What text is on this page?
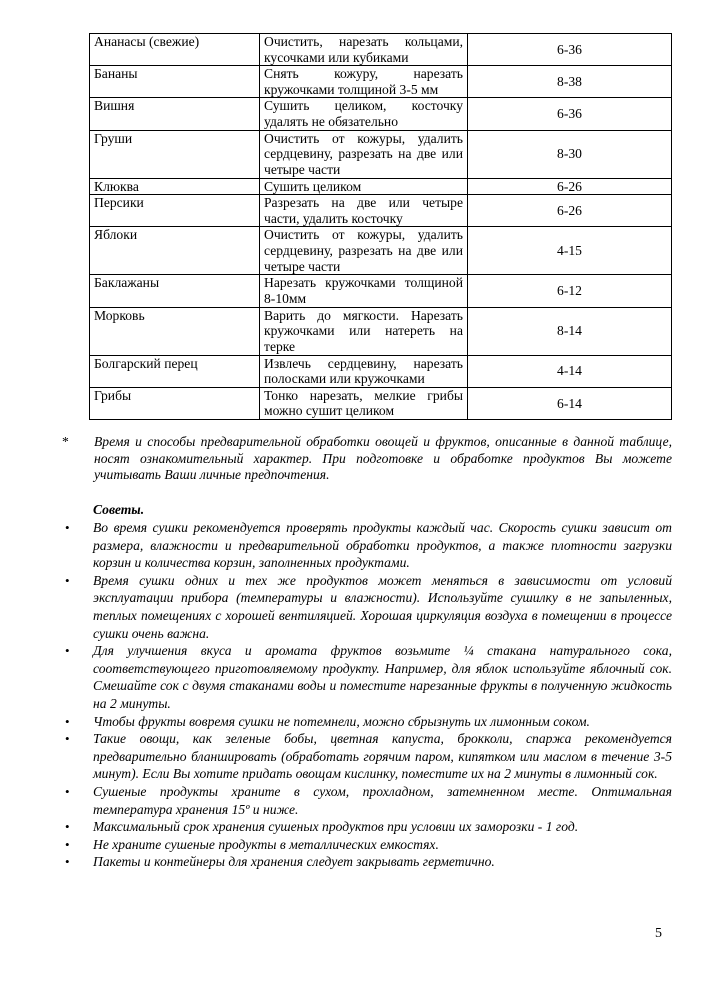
Ананасы (свежие)	Очистить, нарезать кольцами, кусочками или кубиками	6-36
Бананы	Снять кожуру, нарезать кружочками толщиной 3-5 мм	8-38
Вишня	Сушить целиком, косточку удалять не обязательно	6-36
Груши	Очистить от кожуры, удалить сердцевину, разрезать на две или четыре части	8-30
Клюква	Сушить целиком	6-26
Персики	Разрезать на две или четыре части, удалить косточку	6-26
Яблоки	Очистить от кожуры, удалить сердцевину, разрезать на две или четыре части	4-15
Баклажаны	Нарезать кружочками толщиной 8-10мм	6-12
Морковь	Варить до мягкости. Нарезать кружочками или натереть на терке	8-14
Болгарский перец	Извлечь сердцевину, нарезать полосками или кружочками	4-14
Грибы	Тонко нарезать, мелкие грибы можно сушит целиком	6-14
*	Время и способы предварительной обработки овощей и фруктов, описанные в данной таблице, носят ознакомительный характер. При подготовке и обработке продуктов Вы можете учитывать Ваши личные предпочтения.
Советы.
• Во время сушки рекомендуется проверять продукты каждый час. Скорость сушки зависит от размера, влажности и предварительной обработки продуктов, а также плотности загрузки корзин и количества корзин, заполненных продуктами.
• Время сушки одних и тех же продуктов может меняться в зависимости от условий эксплуатации прибора (температуры и влажности). Используйте сушилку в не запыленных, теплых помещениях с хорошей вентиляцией. Хорошая циркуляция воздуха в помещении в процессе сушки очень важна.
• Для улучшения вкуса и аромата фруктов возьмите ¼ стакана натурального сока, соответствующего приготовляемому продукту. Например, для яблок используйте яблочный сок. Смешайте сок с двумя стаканами воды и поместите нарезанные фрукты в полученную жидкость на 2 минуты.
• Чтобы фрукты вовремя сушки не потемнели, можно сбрызнуть их лимонным соком.
• Такие овощи, как зеленые бобы, цветная капуста, брокколи, спаржа рекомендуется предварительно бланшировать (обработать горячим паром, кипятком или маслом в течение 3-5 минут). Если Вы хотите придать овощам кислинку, поместите их на 2 минуты в лимонный сок.
• Сушеные продукты храните в сухом, прохладном, затемненном месте. Оптимальная температура хранения 15º и ниже.
• Максимальный срок хранения сушеных продуктов при условии их заморозки - 1 год.
• Не храните сушеные продукты в металлических емкостях.
• Пакеты и контейнеры для хранения следует закрывать герметично.
5
